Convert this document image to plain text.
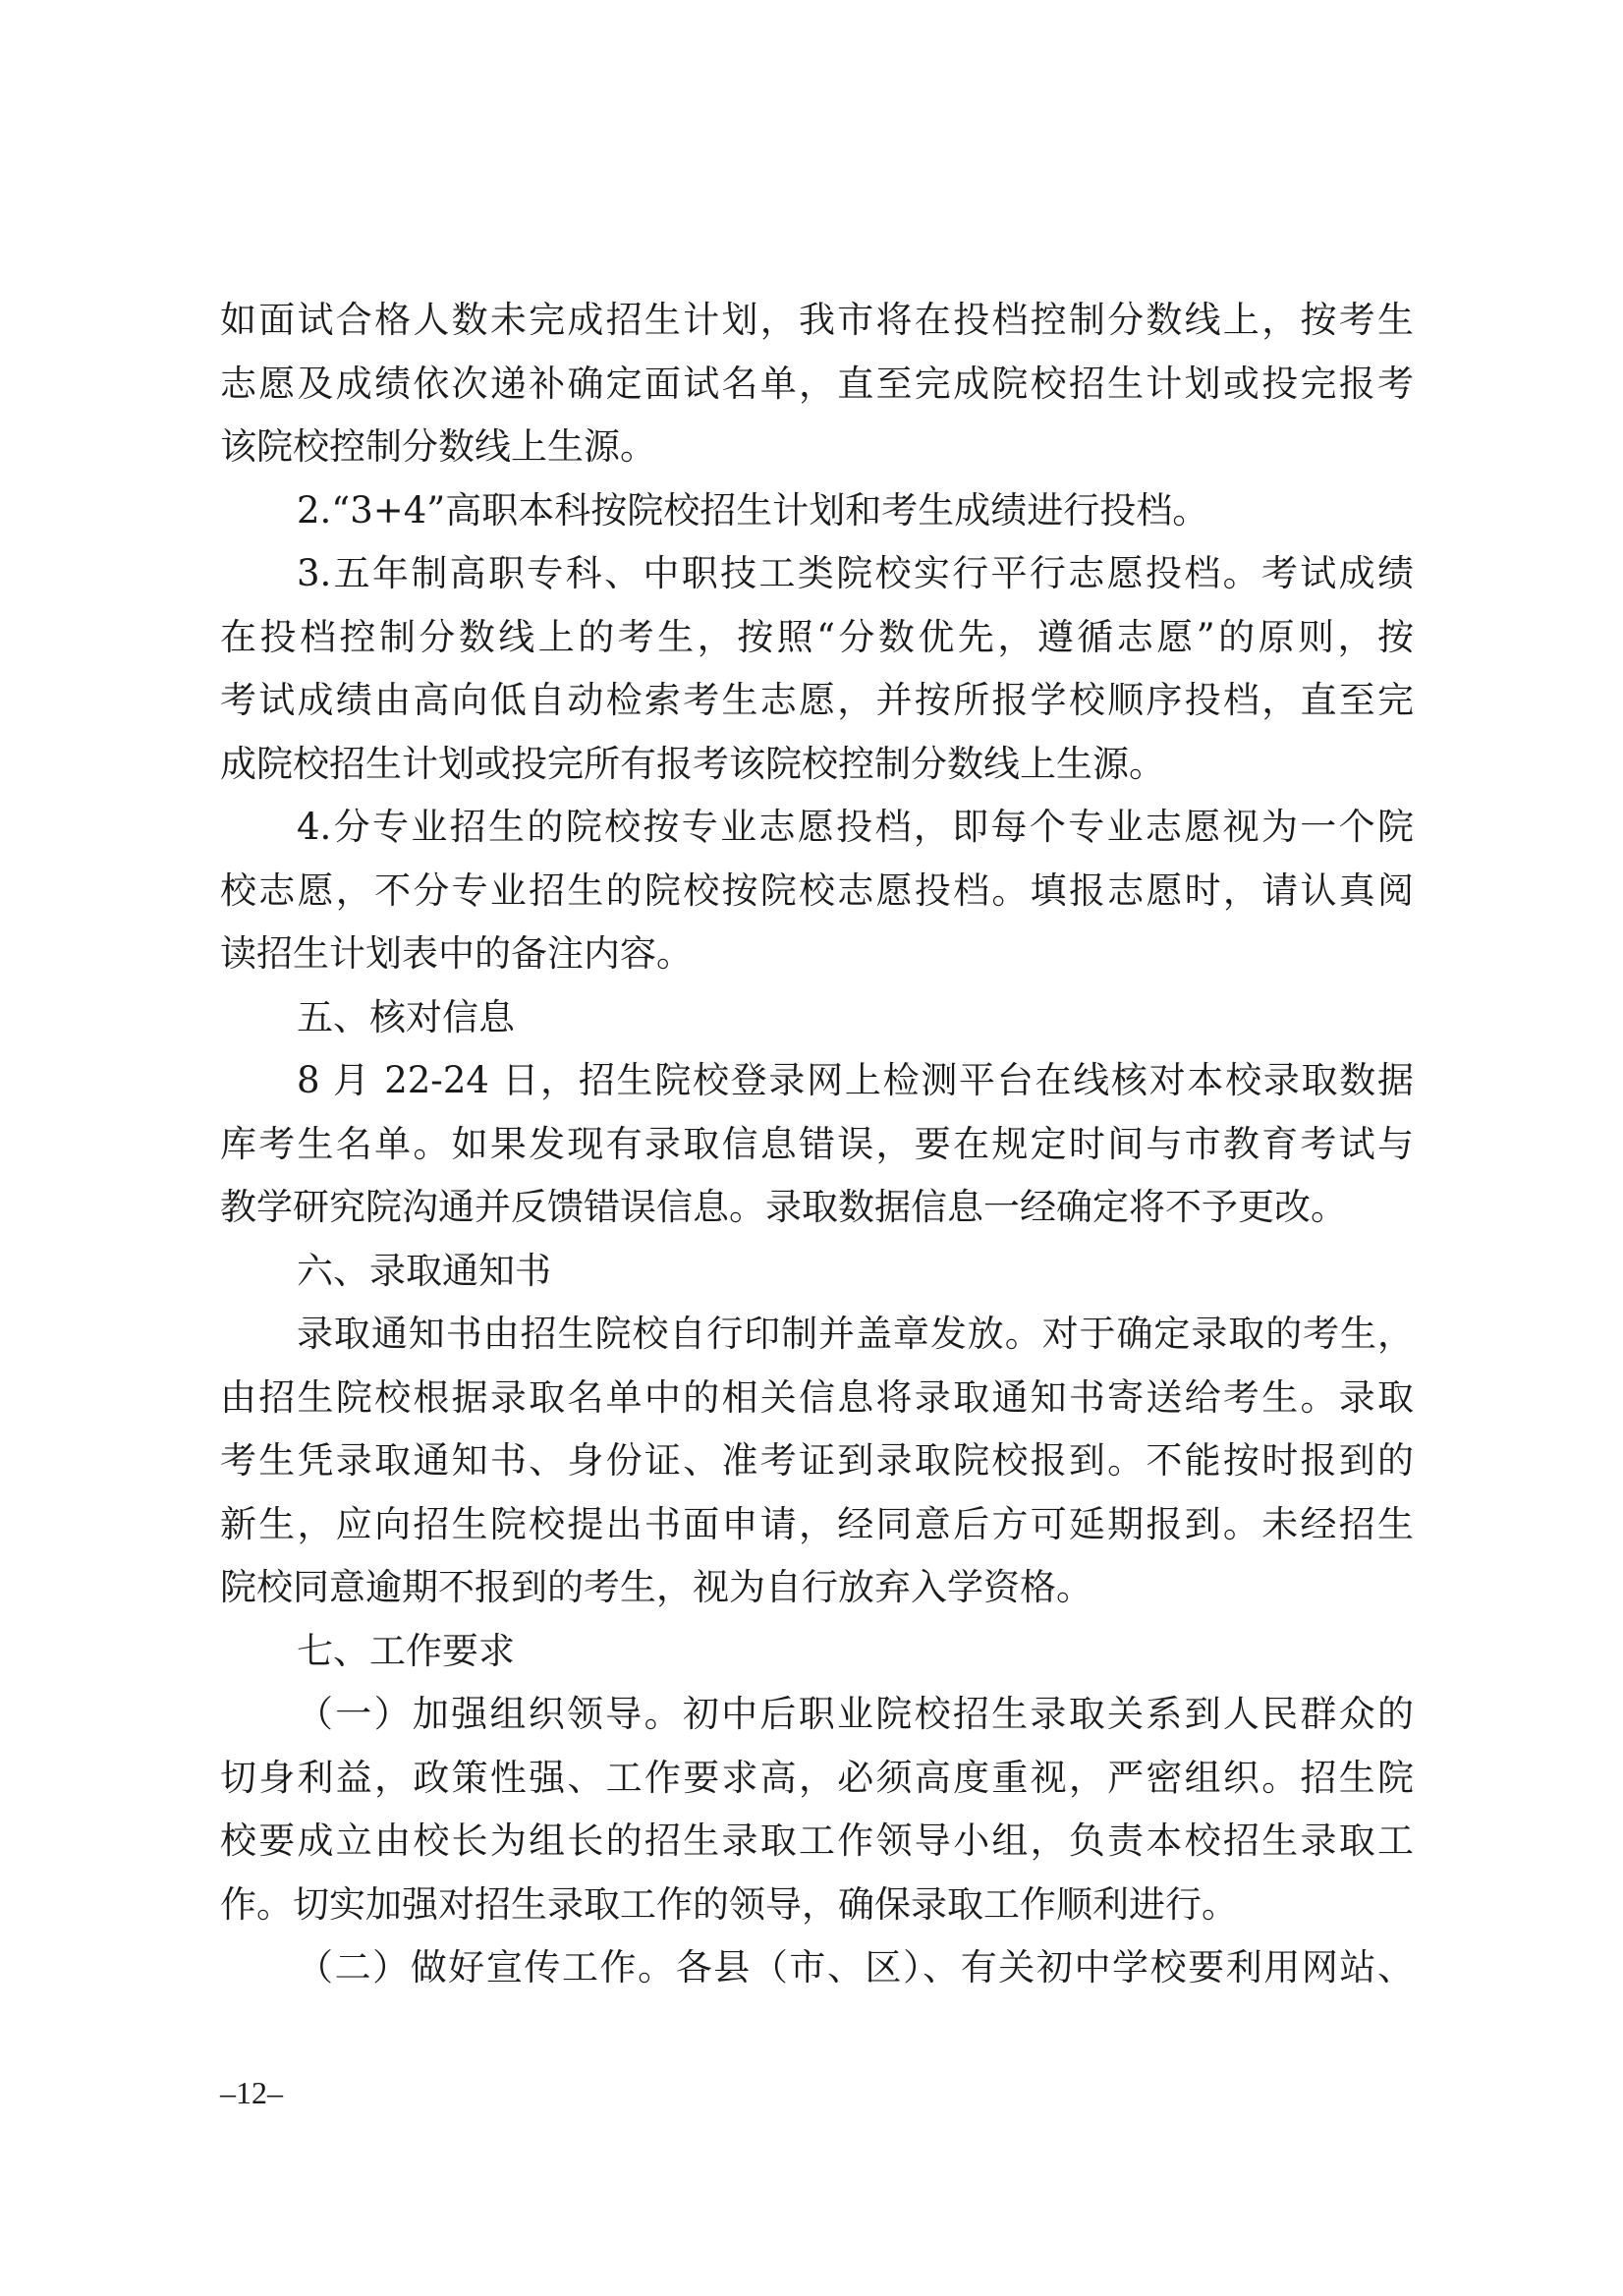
如面试合格人数未完成招生计划，我市将在投档控制分数线上，按考生
志愿及成绩依次递补确定面试名单，直至完成院校招生计划或投完报考
该院校控制分数线上生源。
2.“3+4”高职本科按院校招生计划和考生成绩进行投档。
3.五年制高职专科、中职技工类院校实行平行志愿投档。考试成绩
在投档控制分数线上的考生，按照“分数优先，遵循志愿”的原则，按
考试成绩由高向低自动检索考生志愿，并按所报学校顺序投档，直至完
成院校招生计划或投完所有报考该院校控制分数线上生源。
4.分专业招生的院校按专业志愿投档，即每个专业志愿视为一个院
校志愿，不分专业招生的院校按院校志愿投档。填报志愿时，请认真阅
读招生计划表中的备注内容。
五、核对信息
8 月 22-24 日，招生院校登录网上检测平台在线核对本校录取数据
库考生名单。如果发现有录取信息错误，要在规定时间与市教育考试与
教学研究院沟通并反馈错误信息。录取数据信息一经确定将不予更改。
六、录取通知书
录取通知书由招生院校自行印制并盖章发放。对于确定录取的考生，
由招生院校根据录取名单中的相关信息将录取通知书寄送给考生。录取
考生凭录取通知书、身份证、准考证到录取院校报到。不能按时报到的
新生，应向招生院校提出书面申请，经同意后方可延期报到。未经招生
院校同意逾期不报到的考生，视为自行放弃入学资格。
七、工作要求
（一）加强组织领导。初中后职业院校招生录取关系到人民群众的
切身利益，政策性强、工作要求高，必须高度重视，严密组织。招生院
校要成立由校长为组长的招生录取工作领导小组，负责本校招生录取工
作。切实加强对招生录取工作的领导，确保录取工作顺利进行。
（二）做好宣传工作。各县（市、区）、有关初中学校要利用网站、
–12–
